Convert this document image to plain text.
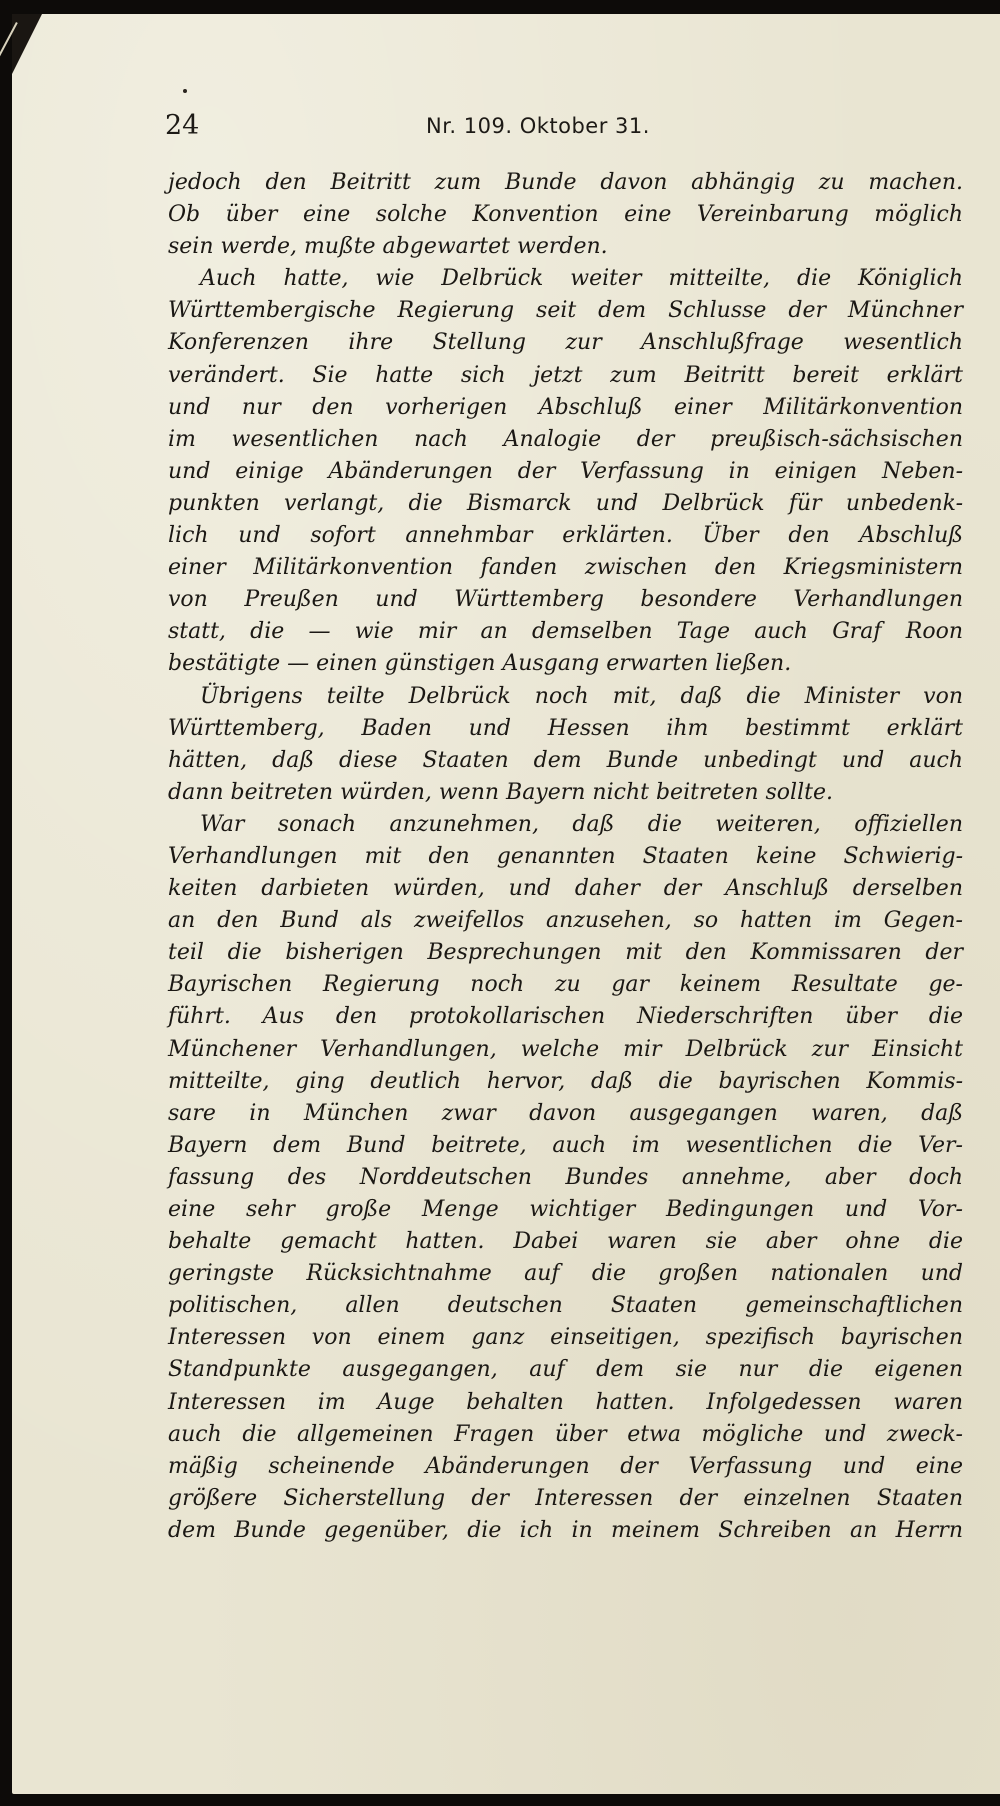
24	Nr. 109. Oktober 31.
jedoch den Beitritt zum Bunde davon abhängig zu machen.
Ob über eine solche Konvention eine Vereinbarung möglich
sein werde, mußte abgewartet werden.
Auch hatte, wie Delbrück weiter mitteilte, die Königlich
Württembergische Regierung seit dem Schlusse der Münchner
Konferenzen ihre Stellung zur Anschlußfrage wesentlich
verändert. Sie hatte sich jetzt zum Beitritt bereit erklärt
und nur den vorherigen Abschluß einer Militärkonvention
im wesentlichen nach Analogie der preußisch-sächsischen
und einige Abänderungen der Verfassung in einigen Neben-
punkten verlangt, die Bismarck und Delbrück für unbedenk-
lich und sofort annehmbar erklärten. Über den Abschluß
einer Militärkonvention fanden zwischen den Kriegsministern
von Preußen und Württemberg besondere Verhandlungen
statt, die — wie mir an demselben Tage auch Graf Roon
bestätigte — einen günstigen Ausgang erwarten ließen.
Übrigens teilte Delbrück noch mit, daß die Minister von
Württemberg, Baden und Hessen ihm bestimmt erklärt
hätten, daß diese Staaten dem Bunde unbedingt und auch
dann beitreten würden, wenn Bayern nicht beitreten sollte.
War sonach anzunehmen, daß die weiteren, offiziellen
Verhandlungen mit den genannten Staaten keine Schwierig-
keiten darbieten würden, und daher der Anschluß derselben
an den Bund als zweifellos anzusehen, so hatten im Gegen-
teil die bisherigen Besprechungen mit den Kommissaren der
Bayrischen Regierung noch zu gar keinem Resultate ge-
führt. Aus den protokollarischen Niederschriften über die
Münchener Verhandlungen, welche mir Delbrück zur Einsicht
mitteilte, ging deutlich hervor, daß die bayrischen Kommis-
sare in München zwar davon ausgegangen waren, daß
Bayern dem Bund beitrete, auch im wesentlichen die Ver-
fassung des Norddeutschen Bundes annehme, aber doch
eine sehr große Menge wichtiger Bedingungen und Vor-
behalte gemacht hatten. Dabei waren sie aber ohne die
geringste Rücksichtnahme auf die großen nationalen und
politischen, allen deutschen Staaten gemeinschaftlichen
Interessen von einem ganz einseitigen, spezifisch bayrischen
Standpunkte ausgegangen, auf dem sie nur die eigenen
Interessen im Auge behalten hatten. Infolgedessen waren
auch die allgemeinen Fragen über etwa mögliche und zweck-
mäßig scheinende Abänderungen der Verfassung und eine
größere Sicherstellung der Interessen der einzelnen Staaten
dem Bunde gegenüber, die ich in meinem Schreiben an Herrn
